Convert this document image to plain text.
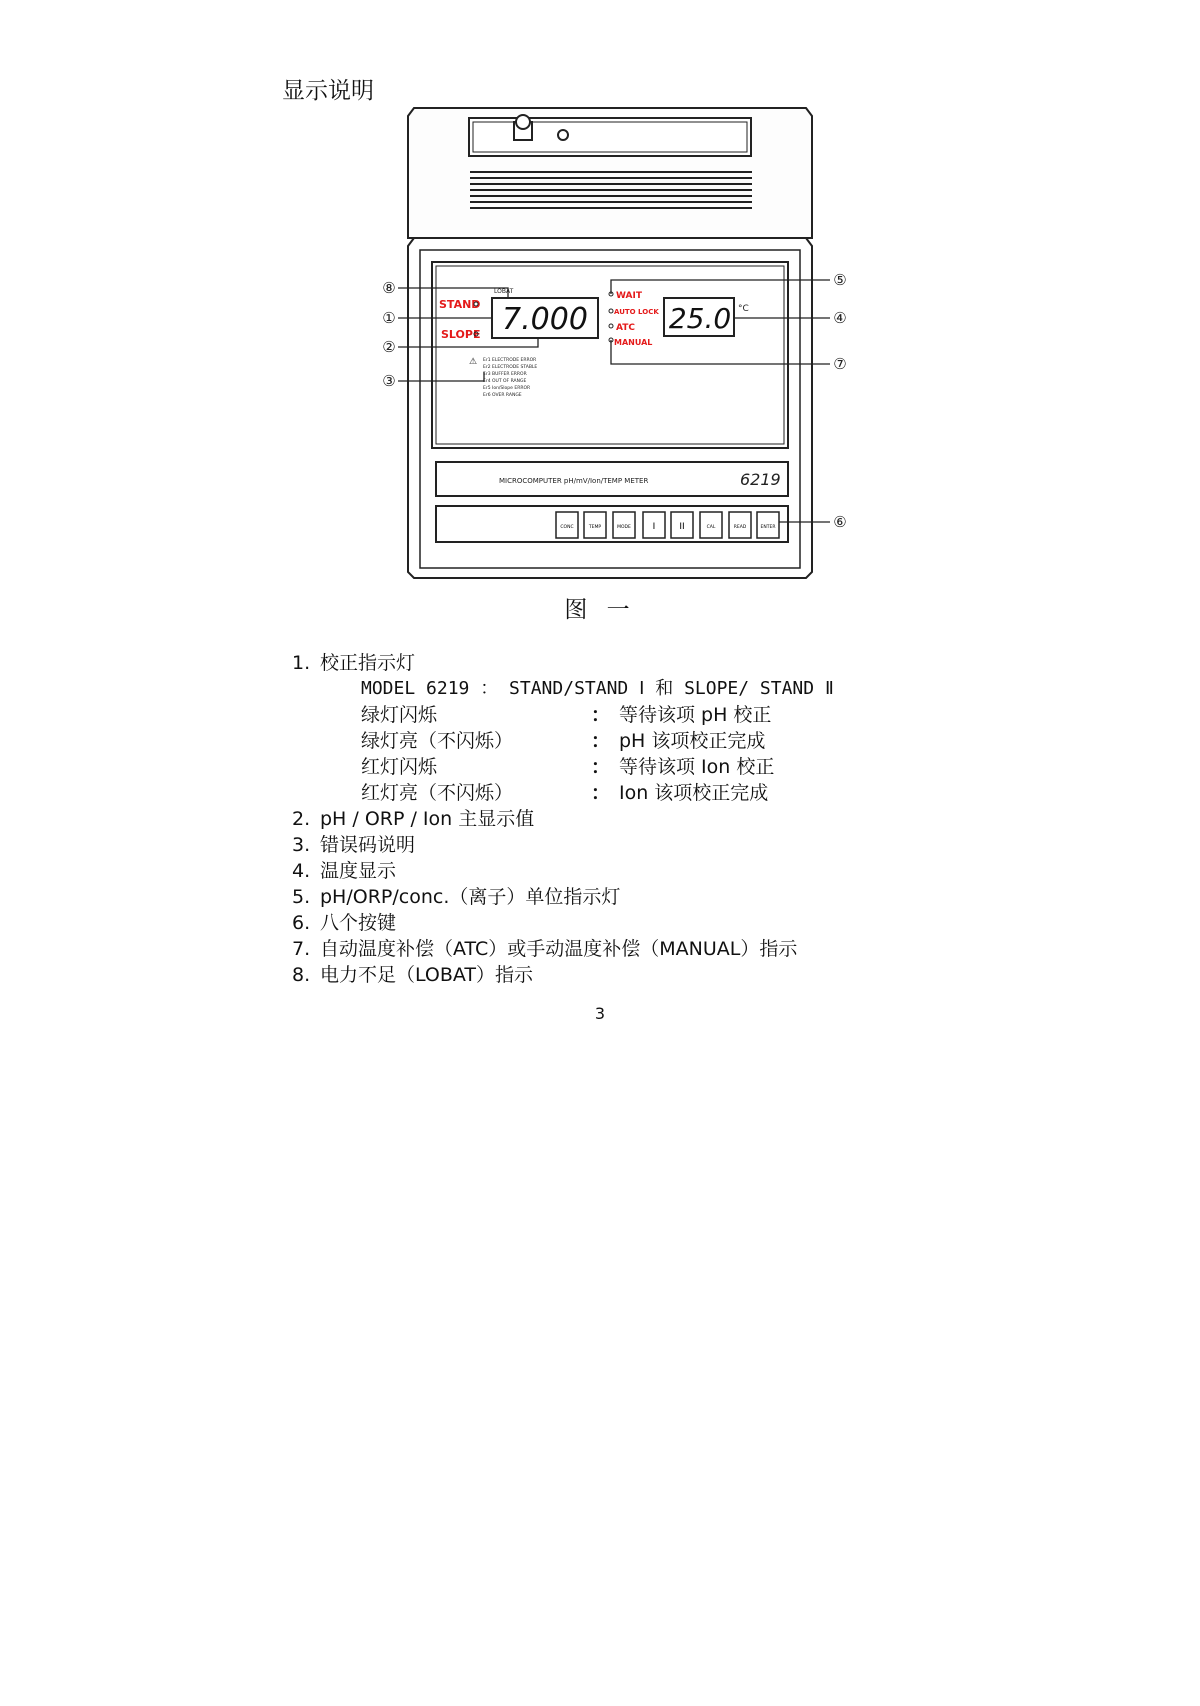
显示说明
STAND
SLOPE
LOBAT
7.000
WAIT
AUTO LOCK
ATC
MANUAL
25.0 °C
⚠ Er1 ELECTRODE ERROR
Er2 ELECTRODE STABLE
Er3 BUFFER ERROR
Er4 OUT OF RANGE
Er5 Ion/Slope ERROR
Er6 OVER RANGE
MICROCOMPUTER pH/mV/Ion/TEMP METER	6219
CONC	TEMP	MODE I	II	CAL	READ	ENTER
⑧
①
②
③
⑤
④
⑦
⑥
图 一
1. 校正指示灯
MODEL 6219 ： STAND/STAND Ⅰ 和 SLOPE/ STAND Ⅱ
绿灯闪烁	： 等待该项 pH 校正
绿灯亮（不闪烁）	： pH 该项校正完成
红灯闪烁	： 等待该项 Ion 校正
红灯亮（不闪烁）	： Ion 该项校正完成
2. pH / ORP / Ion 主显示值
3. 错误码说明
4. 温度显示
5. pH/ORP/conc.（离子）单位指示灯
6. 八个按键
7. 自动温度补偿（ATC）或手动温度补偿（MANUAL）指示
8. 电力不足（LOBAT）指示
3
